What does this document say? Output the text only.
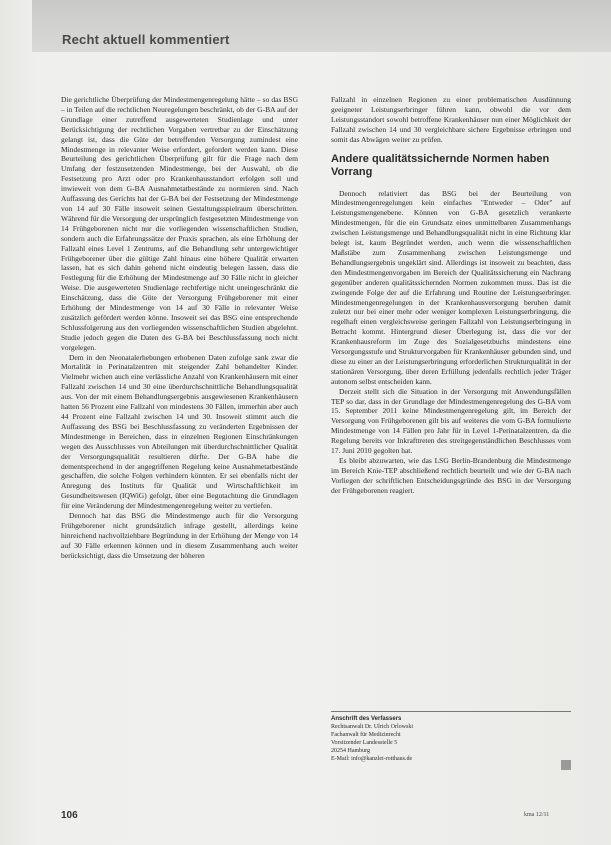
Recht aktuell kommentiert

Die gerichtliche Überprüfung der Mindestmengenregelung hätte – so das BSG – in Teilen auf die rechtlichen Neuregelungen beschränkt, ob der G-BA auf der Grundlage einer zutreffend ausgewerteten Studienlage und unter Berücksichtigung der rechtlichen Vorgaben vertretbar zu der Einschätzung gelangt ist, dass die Güte der betreffenden Versorgung zumindest eine Mindestmenge in relevanter Weise erfordert, gefordert werden kann. Diese Beurteilung des gerichtlichen Überprüfung gilt für die Frage nach dem Umfang der festzusetzenden Mindestmenge, bei der Auswahl, ob die Festsetzung pro Arzt oder pro Krankenhausstandort erfolgen soll und inwieweit von dem G-BA Ausnahmetatbestände zu normieren sind. Nach Auffassung des Gerichts hat der G-BA bei der Festsetzung der Mindestmenge von 14 auf 30 Fälle insoweit seinen Gestaltungsspielraum überschritten. Während für die Versorgung der ursprünglich festgesetzten Mindestmenge von 14 Frühgeborenen nicht nur die vorliegenden wissenschaftlichen Studien, sondern auch die Erfahrungssätze der Praxis sprachen, als eine Erhöhung der Fallzahl eines Level 1 Zentrums, auf die Behandlung sehr untergewichtiger Frühgeborener über die gültige Zahl hinaus eine höhere Qualität erwarten lassen, hat es sich dahin gehend nicht eindeutig belegen lassen, dass die Festlegung für die Erhöhung der Mindestmenge auf 30 Fälle nicht in gleicher Weise. Die ausgewerteten Studienlage rechtfertige nicht uneingeschränkt die Einschätzung, dass die Güte der Versorgung Frühgeborener mit einer Erhöhung der Mindestmenge von 14 auf 30 Fälle in relevanter Weise zusätzlich gefördert werden könne. Insoweit sei das BSG eine entsprechende Schlussfolgerung aus den vorliegenden wissenschaftlichen Studien abgelehnt. Studie jedoch gegen die Daten des G-BA bei Beschlussfassung noch nicht vorgelegen.

Dem in den Neonatalerhebungen erhobenen Daten zufolge sank zwar die Mortalität in Perinatalzentren mit steigender Zahl behandelter Kinder. Vielmehr wichen auch eine verlässliche Anzahl von Krankenhäusern mit einer Fallzahl zwischen 14 und 30 eine überdurchschnittliche Behandlungsqualität aus. Von der mit einem Behandlungsergebnis ausgewiesenen Krankenhäusern hatten 56 Prozent eine Fallzahl von mindestens 30 Fällen, immerhin aber auch 44 Prozent eine Fallzahl zwischen 14 und 30. Insoweit stimmt auch die Auffassung des BSG bei Beschlussfassung zu veränderten Ergebnissen der Mindestmenge in Bereichen, dass in einzelnen Regionen Einschränkungen wegen des Ausschlusses von Abteilungen mit überdurchschnittlicher Qualität der Versorgungsqualität resultieren dürfte. Der G-BA habe die dementsprechend in der angegriffenen Regelung keine Ausnahmetatbestände geschaffen, die solche Folgen verhindern könnten. Er sei ebenfalls nicht der Anregung des Instituts für Qualität und Wirtschaftlichkeit im Gesundheitswesen (IQWiG) gefolgt, über eine Begutachtung die Grundlagen für eine Veränderung der Mindestmengenregelung weiter zu vertiefen.

Dennoch hat das BSG die Mindestmenge auch für die Versorgung Frühgeborener nicht grundsätzlich infrage gestellt, allerdings keine hinreichend nachvollziehbare Begründung in der Erhöhung der Menge von 14 auf 30 Fälle erkennen können und in diesem Zusammenhang auch weiter berücksichtigt, dass die Umsetzung der höheren

Fallzahl in einzelnen Regionen zu einer problematischen Ausdünnung geeigneter Leistungserbringer führen kann, obwohl die vor dem Leistungsstandort sowohl betroffene Krankenhäuser nun einer Möglichkeit der Fallzahl zwischen 14 und 30 vergleichbare sichere Ergebnisse erbringen und somit das Abwägen weiter zu prüfen.

Andere qualitätssichernde Normen haben Vorrang

Dennoch relativiert das BSG bei der Beurteilung von Mindestmengenregelungen kein einfaches "Entweder – Oder" auf Leistungsmengenebene. Können von G-BA gesetzlich verankerte Mindestmengen, für die ein Grundsatz eines unmittelbaren Zusammenhangs zwischen Leistungsmenge und Behandlungsqualität nicht in eine Richtung klar belegt ist, kaum Begründet werden, auch wenn die wissenschaftlichen Maßstäbe zum Zusammenhang zwischen Leistungsmenge und Behandlungsergebnis ungeklärt sind. Allerdings ist insoweit zu beachten, dass den Mindestmengenvorgaben im Bereich der Qualitätssicherung ein Nachrang gegenüber anderen qualitätssichernden Normen zukommen muss. Das ist die zwingende Folge der auf die Erfahrung und Routine der Leistungserbringer. Mindestmengenregelungen in der Krankenhausversorgung beruhen damit zuletzt nur bei einer mehr oder weniger komplexen Leistungserbringung, die regelhaft einen vergleichsweise geringen Fallzahl von Leistungserbringung in Betracht kommt. Hintergrund dieser Überlegung ist, dass die vor der Krankenhausreform im Zuge des Sozialgesetzbuchs mindestens eine Versorgungsstufe und Strukturvorgaben für Krankenhäuser gebunden sind, und diese zu einer an der Leistungserbringung erforderlichen Strukturqualität in der stationären Versorgung, über deren Erfüllung jedenfalls rechtlich jeder Träger autonom selbst entscheiden kann.

Derzeit stellt sich die Situation in der Versorgung mit Anwendungsfällen TEP so dar, dass in der Grundlage der Mindestmengenregelung des G-BA vom 15. September 2011 keine Mindestmengenregelung gilt, im Bereich der Versorgung von Frühgeborenen gilt bis auf weiteres die vom G-BA formulierte Mindestmenge von 14 Fällen pro Jahr für in Level 1-Perinatalzentren, da die Regelung bereits vor Inkrafttreten des streitgegenständlichen Beschlusses vom 17. Juni 2010 gegolten hat.

Es bleibt abzuwarten, wie das LSG Berlin-Brandenburg die Mindestmenge im Bereich Knie-TEP abschließend rechtlich beurteilt und wie der G-BA nach Vorliegen der schriftlichen Entscheidungsgründe des BSG in der Versorgung der Frühgeborenen reagiert.

Anschrift des Verfassers
Rechtsanwalt Dr. Ulrich Orlowski
Fachanwalt für Medizinrecht
Vorsitzender Landesstelle 5
20254 Hamburg
E-Mail: info@kanzlei-rotthaus.de
106	kma 12/11
